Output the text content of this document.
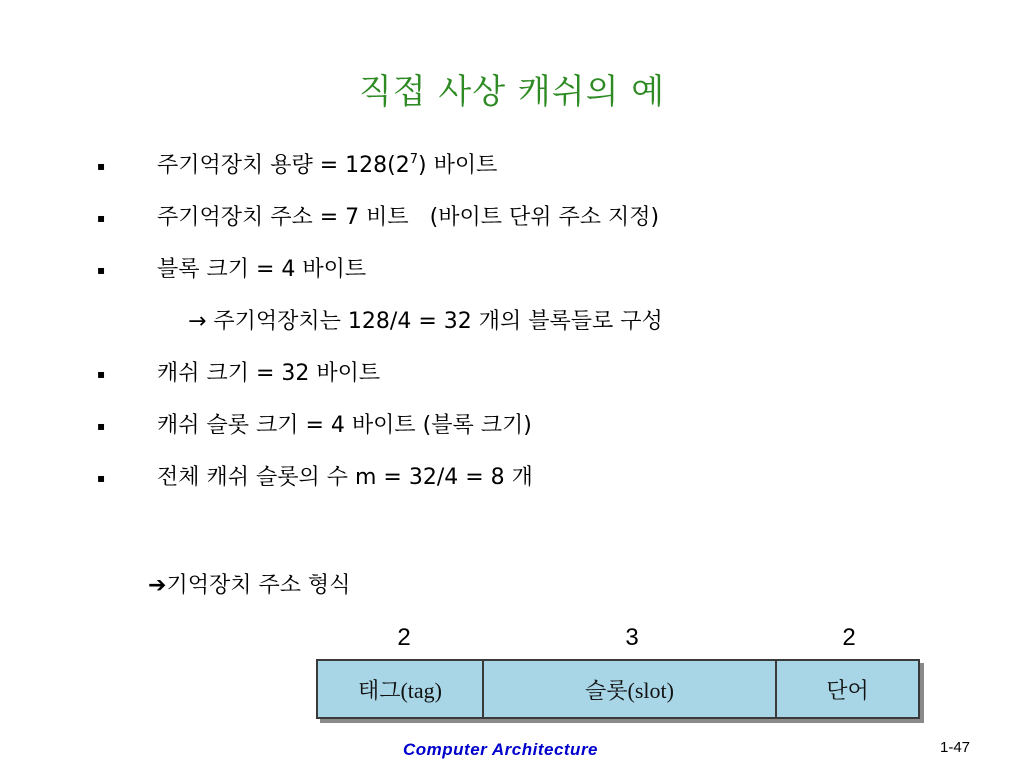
직접 사상 캐쉬의 예
▪ 주기억장치 용량 = $128(2^7)$ 바이트
▪ 주기억장치 주소 = 7 비트   (바이트 단위 주소 지정)
▪ 블록 크기 = 4 바이트
→ 주기억장치는 128/4 = 32 개의 블록들로 구성
▪ 캐쉬 크기 = 32 바이트
▪ 캐쉬 슬롯 크기 = 4 바이트 (블록 크기)
▪ 전체 캐쉬 슬롯의 수 m = 32/4 = 8 개
➔기억장치 주소 형식
2	3	2
태그(tag)	슬롯(slot)	단어
Computer Architecture	1-47
